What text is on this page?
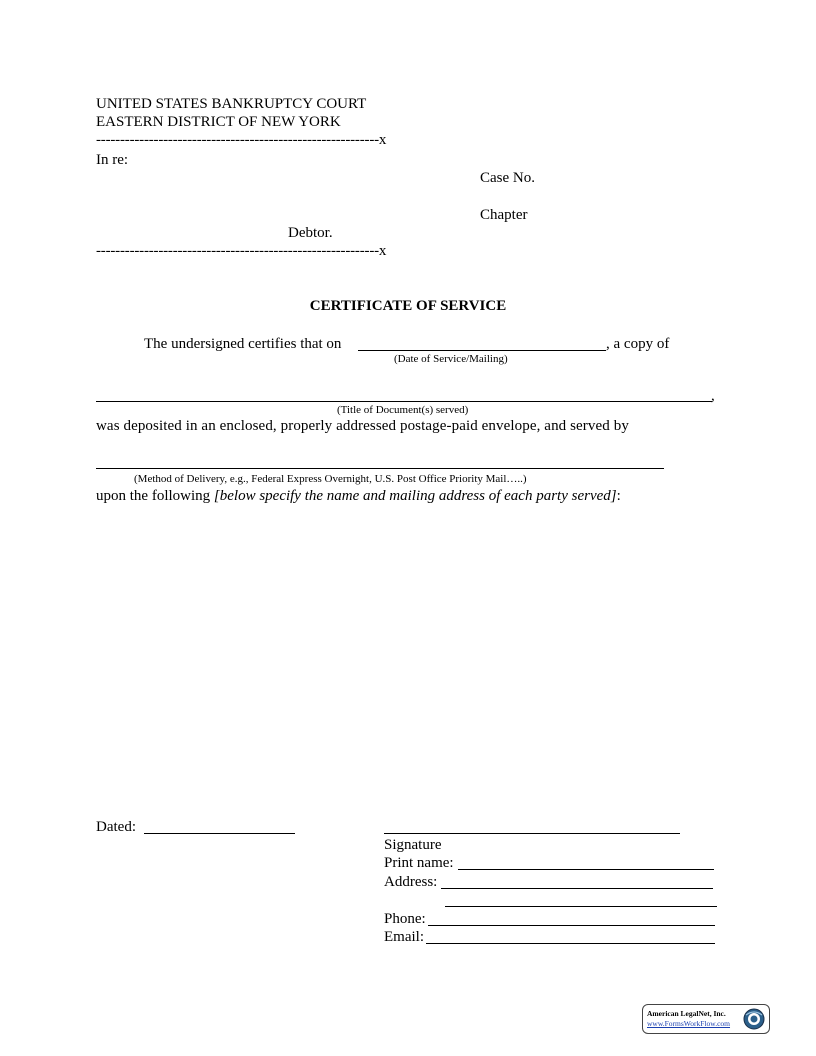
UNITED STATES BANKRUPTCY COURT
EASTERN DISTRICT OF NEW YORK
-----------------------------------------------------------x
In re:
Case No.
Chapter
Debtor.
-----------------------------------------------------------x
CERTIFICATE OF SERVICE
The undersigned certifies that on	, a copy of
(Date of Service/Mailing)
,
(Title of Document(s) served)
was deposited in an enclosed, properly addressed postage-paid envelope, and served by
(Method of Delivery, e.g., Federal Express Overnight, U.S. Post Office Priority Mail…..)
upon the following [below specify the name and mailing address of each party served]:
Dated:
Signature
Print name:
Address:
Phone:
Email:
American LegalNet, Inc.
www.FormsWorkFlow.com
